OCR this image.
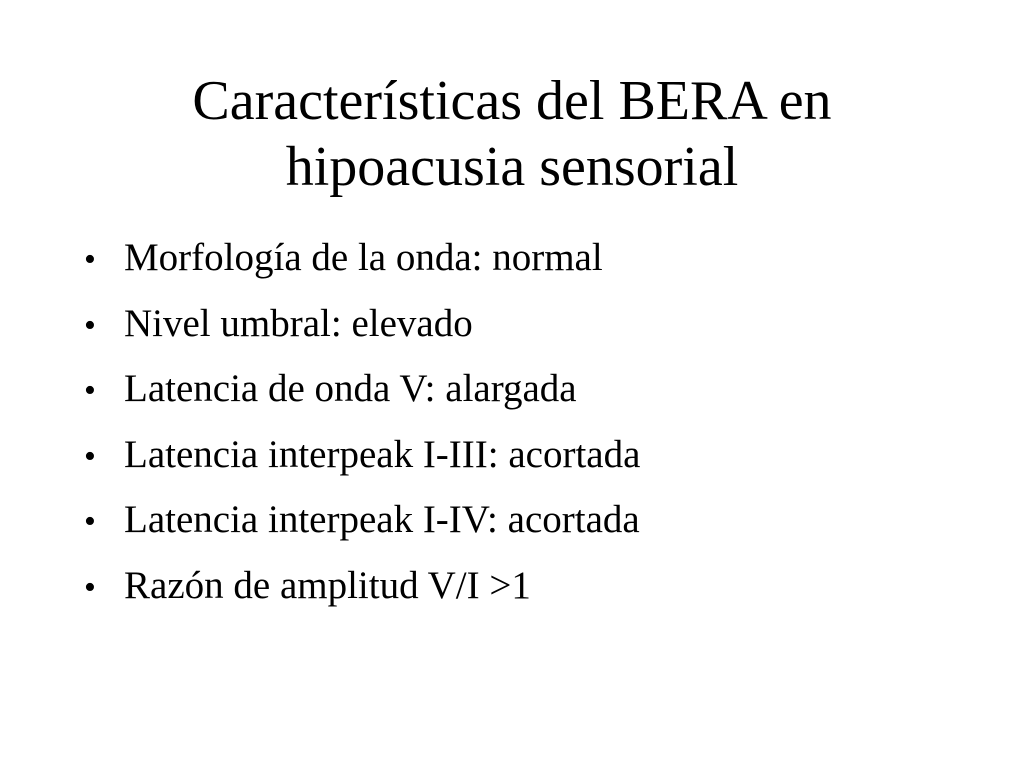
Características del BERA en
hipoacusia sensorial
• Morfología de la onda: normal
• Nivel umbral: elevado
• Latencia de onda V: alargada
• Latencia interpeak I-III: acortada
• Latencia interpeak I-IV: acortada
• Razón de amplitud V/I >1
